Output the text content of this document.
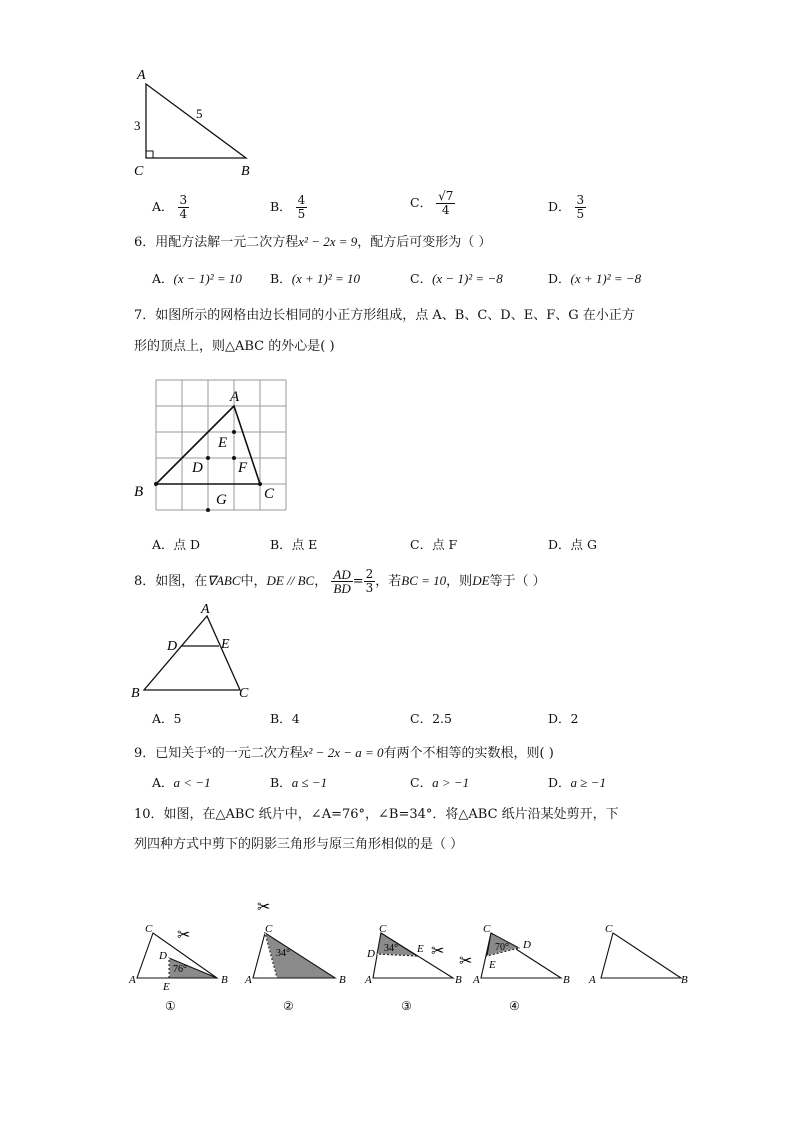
A
C	B
3
5
A． $\frac{3}{4}$	B． $\frac{4}{5}$	C． $\frac{√7}{4}$	D． $\frac{3}{5}$
6．用配方法解一元二次方程x² − 2x = 9，配方后可变形为（ ）
A．(x − 1)² = 10 B．(x + 1)² = 10	C．(x − 1)² = −8	D．(x + 1)² = −8
7．如图所示的网格由边长相同的小正方形组成，点 A、B、C、D、E、F、G 在小正方
形的顶点上，则△ABC 的外心是( )
A
B	C
D
E
F
G
A．点 D	B．点 E	C．点 F	D．点 G
8．如图，在∇ABC中，DE // BC， $\frac{AD}{BD} = \frac{2}{3}$ ，若BC = 10，则DE等于（ ）
A
B	C
D	E
A．5	B．4	C．2.5	D．2
9．已知关于$^x$的一元二次方程x² − 2x − a = 0有两个不相等的实数根，则( )
A．a < −1	B．a ≤ −1	C．a > −1	D．a ≥ −1
10．如图，在△ABC 纸片中，∠A=76°，∠B=34°．将△ABC 纸片沿某处剪开，下
列四种方式中剪下的阴影三角形与原三角形相似的是（ ）
C
A	B
D
E
76°
✂
①
C
A	B
34°
✂
②
C
A	B
D	E
34° ✂
③
C
A	B
D
E
70°
✂
④
C
A	B
